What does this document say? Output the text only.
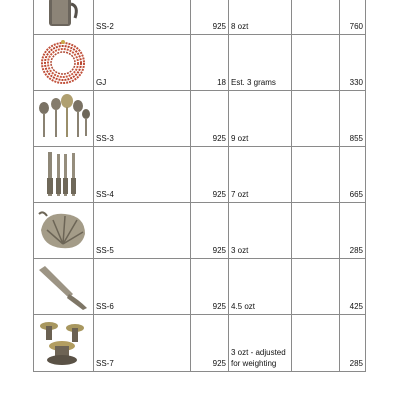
SS-2	925	8 ozt		760

GJ	18	Est. 3 grams		330

SS-3	925	9 ozt		855

SS-4	925	7 ozt		665

SS-5	925	3 ozt		285

SS-6	925	4.5 ozt		425

SS-7	925	3 ozt - adjusted for weighting		285
